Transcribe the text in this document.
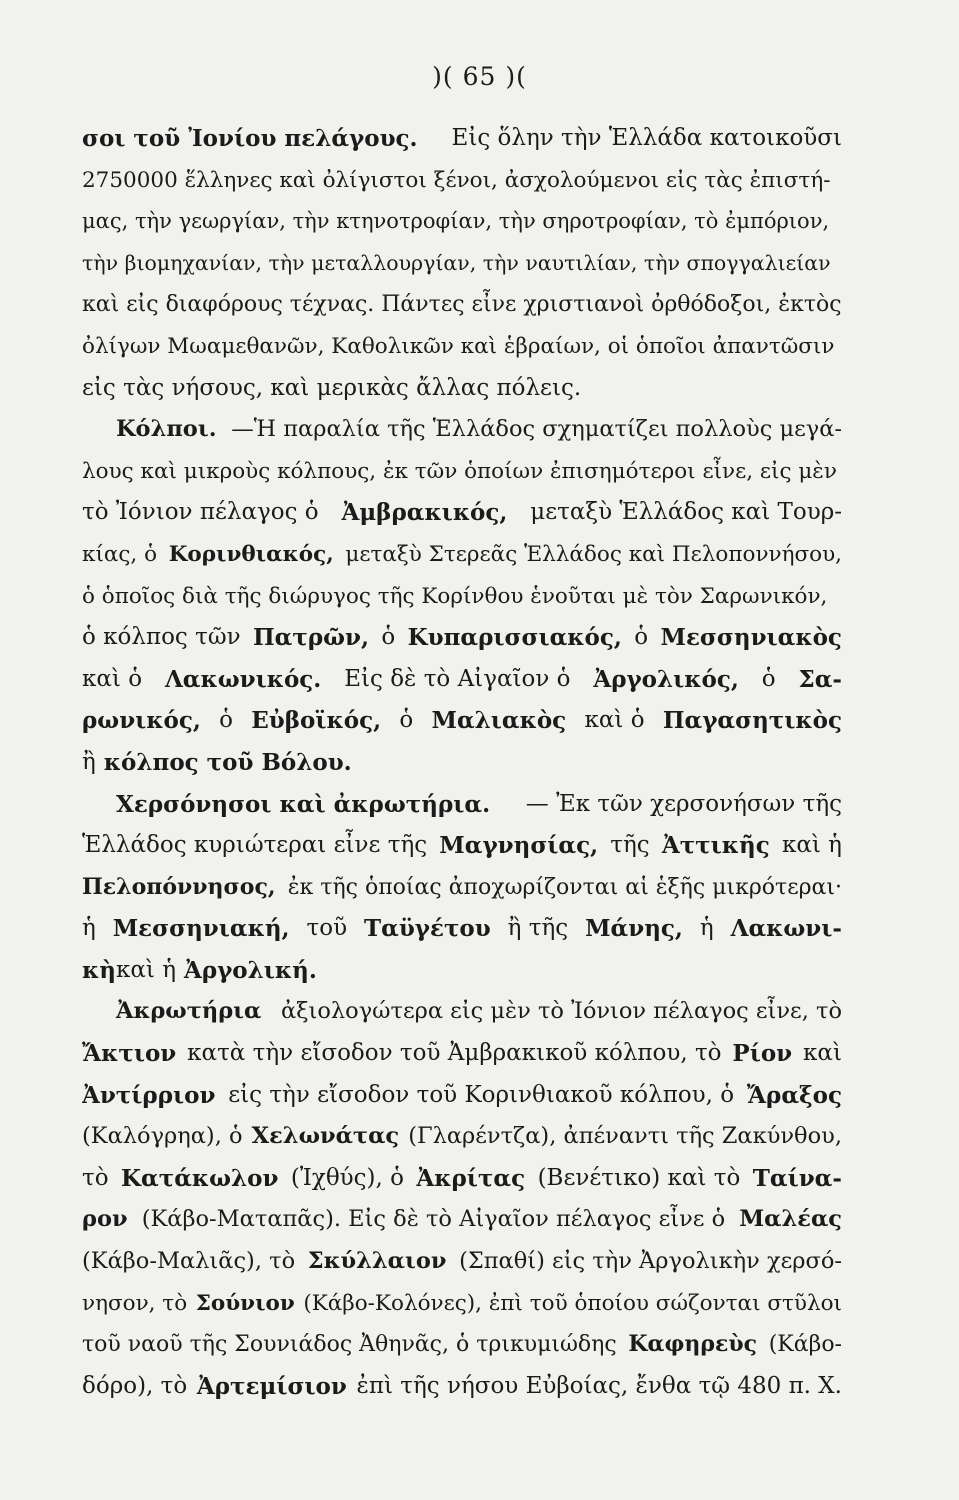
)( 65 )(
σοι τοῦ Ἰονίου πελάγους. Εἰς ὅλην τὴν Ἑλλάδα κατοικοῦσι
2750000 ἕλληνες καὶ ὀλίγιστοι ξένοι, ἀσχολούμενοι εἰς τὰς ἐπιστή-
μας, τὴν γεωργίαν, τὴν κτηνοτροφίαν, τὴν σηροτροφίαν, τὸ ἐμπόριον,
τὴν βιομηχανίαν, τὴν μεταλλουργίαν, τὴν ναυτιλίαν, τὴν σπογγαλιείαν
καὶ εἰς διαφόρους τέχνας. Πάντες εἶνε χριστιανοὶ ὀρθόδοξοι, ἐκτὸς
ὀλίγων Μωαμεθανῶν, Καθολικῶν καὶ ἑβραίων, οἱ ὁποῖοι ἀπαντῶσιν
εἰς τὰς νήσους, καὶ μερικὰς ἄλλας πόλεις.
Κόλποι. —Ἡ παραλία τῆς Ἑλλάδος σχηματίζει πολλοὺς μεγά-
λους καὶ μικροὺς κόλπους, ἐκ τῶν ὁποίων ἐπισημότεροι εἶνε, εἰς μὲν
τὸ Ἰόνιον πέλαγος ὁ Ἀμβρακικός, μεταξὺ Ἑλλάδος καὶ Τουρ-
κίας, ὁ Κορινθιακός, μεταξὺ Στερεᾶς Ἑλλάδος καὶ Πελοποννήσου,
ὁ ὁποῖος διὰ τῆς διώρυγος τῆς Κορίνθου ἑνοῦται μὲ τὸν Σαρωνικόν,
ὁ κόλπος τῶν Πατρῶν, ὁ Κυπαρισσιακός, ὁ Μεσσηνιακὸς
καὶ ὁ Λακωνικός. Εἰς δὲ τὸ Αἰγαῖον ὁ Ἀργολικός, ὁ Σα-
ρωνικός, ὁ Εὐβοϊκός, ὁ Μαλιακὸς καὶ ὁ Παγασητικὸς
ἢ κόλπος τοῦ Βόλου.
Χερσόνησοι καὶ ἀκρωτήρια. — Ἐκ τῶν χερσονήσων τῆς
Ἑλλάδος κυριώτεραι εἶνε τῆς Μαγνησίας, τῆς Ἀττικῆς καὶ ἡ
Πελοπόννησος, ἐκ τῆς ὁποίας ἀποχωρίζονται αἱ ἑξῆς μικρότεραι·
ἡ Μεσσηνιακή, τοῦ Ταϋγέτου ἢ τῆς Μάνης, ἡ Λακωνι-
κὴ καὶ ἡ Ἀργολική.
Ἀκρωτήρια ἀξιολογώτερα εἰς μὲν τὸ Ἰόνιον πέλαγος εἶνε, τὸ
Ἄκτιον κατὰ τὴν εἴσοδον τοῦ Ἀμβρακικοῦ κόλπου, τὸ Ρίον καὶ
Ἀντίρριον εἰς τὴν εἴσοδον τοῦ Κορινθιακοῦ κόλπου, ὁ Ἄραξος
(Καλόγρηα), ὁ Χελωνάτας (Γλαρέντζα), ἀπέναντι τῆς Ζακύνθου,
τὸ Κατάκωλον (Ἰχθύς), ὁ Ἀκρίτας (Βενέτικο) καὶ τὸ Ταίνα-
ρον (Κάβο-Ματαπᾶς). Εἰς δὲ τὸ Αἰγαῖον πέλαγος εἶνε ὁ Μαλέας
(Κάβο-Μαλιᾶς), τὸ Σκύλλαιον (Σπαθί) εἰς τὴν Ἀργολικὴν χερσό-
νησον, τὸ Σούνιον (Κάβο-Κολόνες), ἐπὶ τοῦ ὁποίου σώζονται στῦλοι
τοῦ ναοῦ τῆς Σουνιάδος Ἀθηνᾶς, ὁ τρικυμιώδης Καφηρεὺς (Κάβο-
δόρο), τὸ Ἀρτεμίσιον ἐπὶ τῆς νήσου Εὐβοίας, ἔνθα τῷ 480 π. Χ.
